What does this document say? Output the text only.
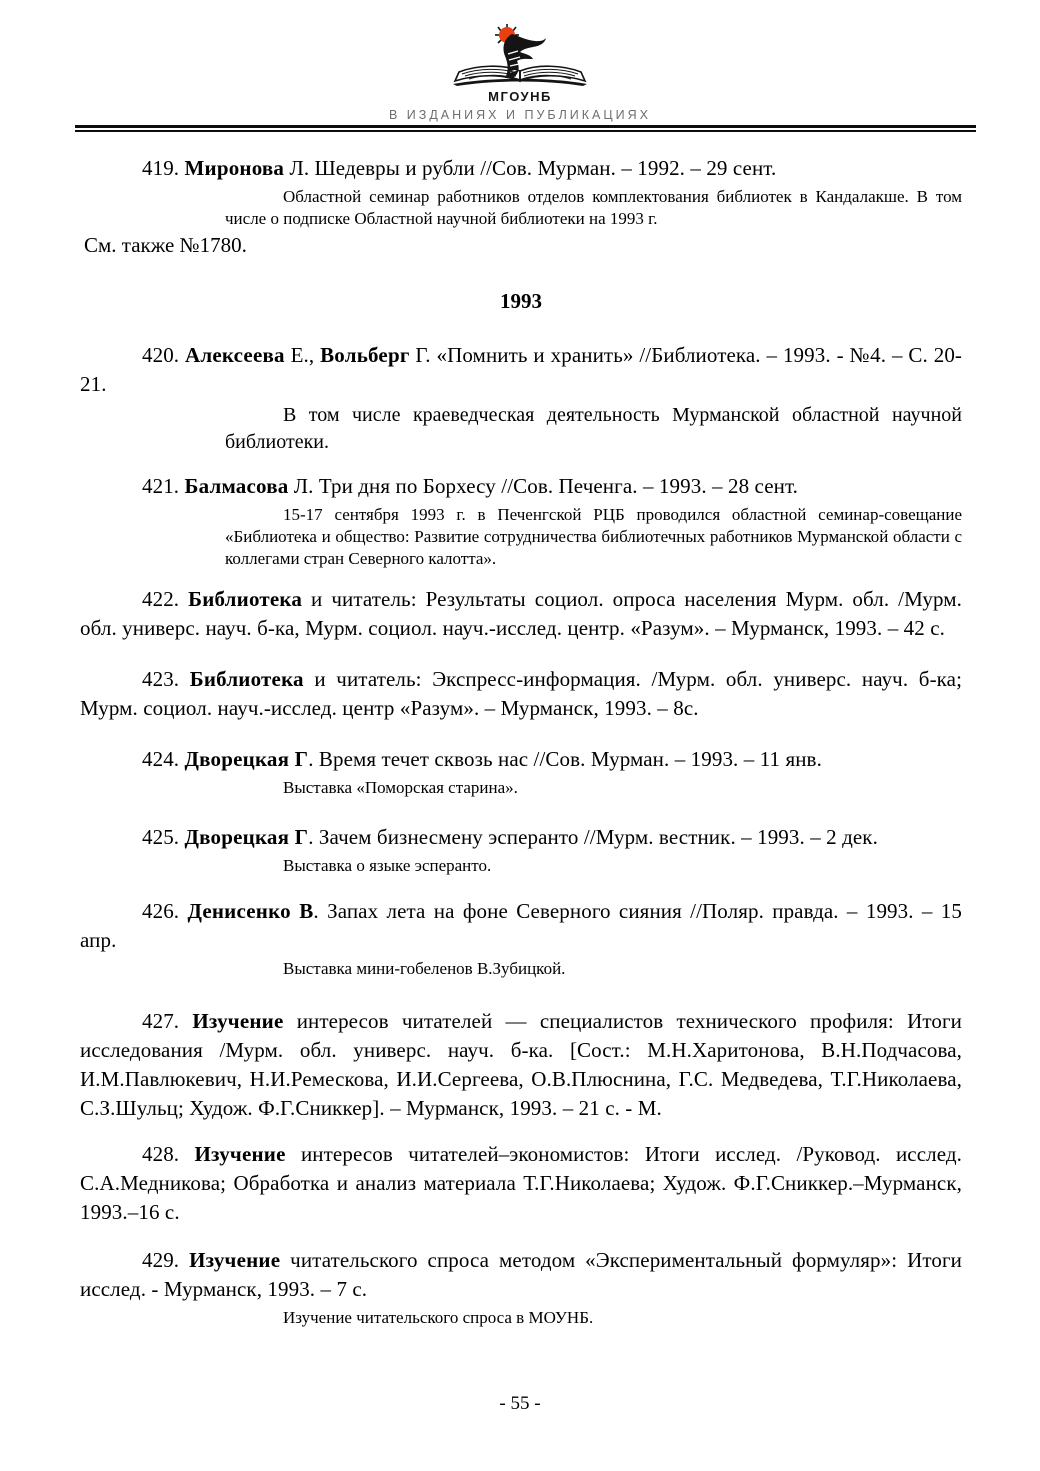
МГОУНБ
В ИЗДАНИЯХ И ПУБЛИКАЦИЯХ

419. Миронова Л. Шедевры и рубли //Сов. Мурман. – 1992. – 29 сент.

Областной семинар работников отделов комплектования библиотек в Кандалакше. В том числе о подписке Областной научной библиотеки на 1993 г.

См. также №1780.

1993

420. Алексеева Е., Вольберг Г. «Помнить и хранить» //Библиотека. – 1993. - №4. – С. 20-21.

В том числе краеведческая деятельность Мурманской областной научной библиотеки.

421. Балмасова Л. Три дня по Борхесу //Сов. Печенга. – 1993. – 28 сент.

15-17 сентября 1993 г. в Печенгской РЦБ проводился областной семинар-совещание «Библиотека и общество: Развитие сотрудничества библиотечных работников Мурманской области с коллегами стран Северного калотта».

422. Библиотека и читатель: Результаты социол. опроса населения Мурм. обл. /Мурм. обл. универс. науч. б-ка, Мурм. социол. науч.-исслед. центр. «Разум». – Мурманск, 1993. – 42 с.

423. Библиотека и читатель: Экспресс-информация. /Мурм. обл. универс. науч. б-ка; Мурм. социол. науч.-исслед. центр «Разум». – Мурманск, 1993. – 8с.

424. Дворецкая Г. Время течет сквозь нас //Сов. Мурман. – 1993. – 11 янв.

Выставка «Поморская старина».

425. Дворецкая Г. Зачем бизнесмену эсперанто //Мурм. вестник. – 1993. – 2 дек.

Выставка о языке эсперанто.

426. Денисенко В. Запах лета на фоне Северного сияния //Поляр. правда. – 1993. – 15 апр.

Выставка мини-гобеленов В.Зубицкой.

427. Изучение интересов читателей — специалистов технического профиля: Итоги исследования /Мурм. обл. универс. науч. б-ка. [Сост.: М.Н.Харитонова, В.Н.Подчасова, И.М.Павлюкевич, Н.И.Ремескова, И.И.Сергеева, О.В.Плюснина, Г.С. Медведева, Т.Г.Николаева, С.З.Шульц; Худож. Ф.Г.Сниккер]. – Мурманск, 1993. – 21 с. - М.

428. Изучение интересов читателей–экономистов: Итоги исслед. /Руковод. исслед. С.А.Медникова; Обработка и анализ материала Т.Г.Николаева; Худож. Ф.Г.Сниккер.–Мурманск, 1993.–16 с.

429. Изучение читательского спроса методом «Экспериментальный формуляр»: Итоги исслед. - Мурманск, 1993. – 7 с.

Изучение читательского спроса в МОУНБ.

- 55 -
